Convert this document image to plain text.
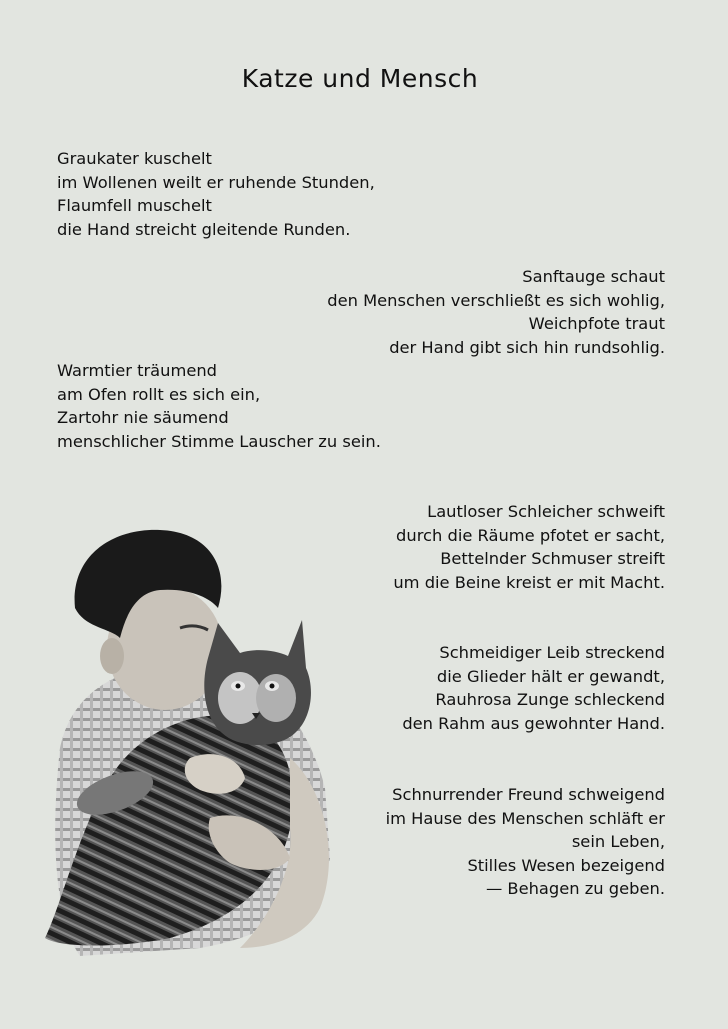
Katze und Mensch
Graukater kuschelt
im Wollenen weilt er ruhende Stunden,
Flaumfell muschelt
die Hand streicht gleitende Runden.
Sanftauge schaut
den Menschen verschließt es sich wohlig,
Weichpfote traut
der Hand gibt sich hin rundsohlig.
Warmtier träumend
am Ofen rollt es sich ein,
Zartohr nie säumend
menschlicher Stimme Lauscher zu sein.
Lautloser Schleicher schweift
durch die Räume pfotet er sacht,
Bettelnder Schmuser streift
um die Beine kreist er mit Macht.
Schmeidiger Leib streckend
die Glieder hält er gewandt,
Rauhrosa Zunge schleckend
den Rahm aus gewohnter Hand.
Schnurrender Freund schweigend
im Hause des Menschen schläft er
sein Leben,
Stilles Wesen bezeigend
— Behagen zu geben.
